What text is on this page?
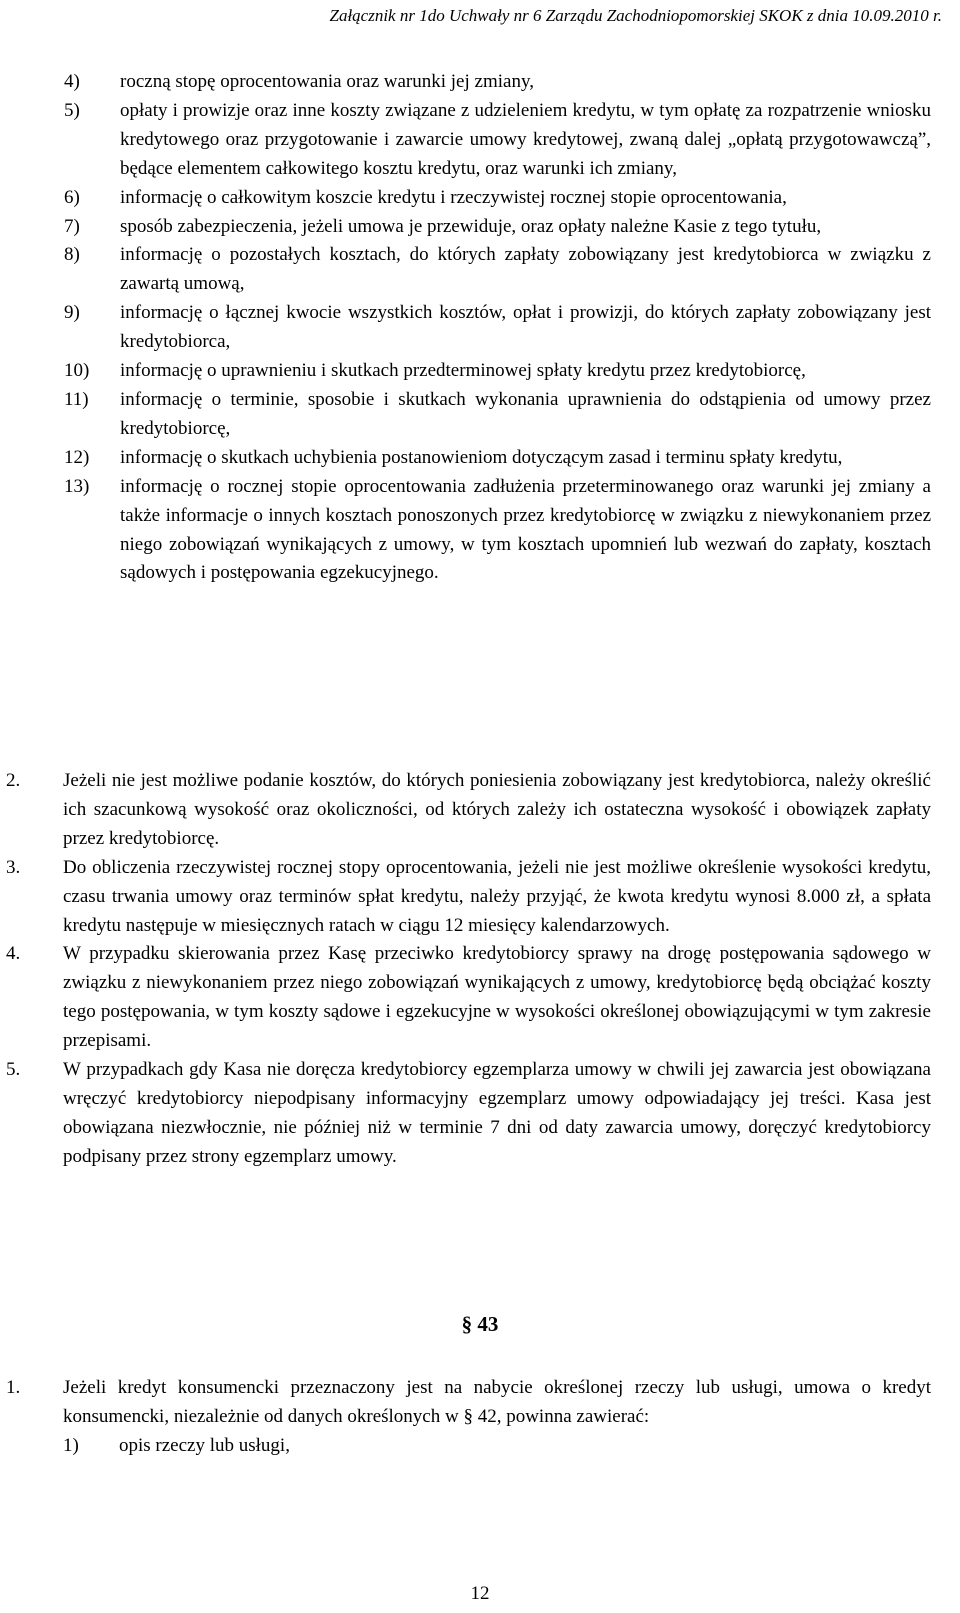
Załącznik nr 1do Uchwały nr 6 Zarządu Zachodniopomorskiej SKOK z dnia 10.09.2010 r.
4) roczną stopę oprocentowania oraz warunki jej zmiany,
5) opłaty i prowizje oraz inne koszty związane z udzieleniem kredytu, w tym opłatę za rozpatrzenie wniosku kredytowego oraz przygotowanie i zawarcie umowy kredytowej, zwaną dalej „opłatą przygotowawczą”, będące elementem całkowitego kosztu kredytu, oraz warunki ich zmiany,
6) informację o całkowitym koszcie kredytu i rzeczywistej rocznej stopie oprocentowania,
7) sposób zabezpieczenia, jeżeli umowa je przewiduje, oraz opłaty należne Kasie z tego tytułu,
8) informację o pozostałych kosztach, do których zapłaty zobowiązany jest kredytobiorca w związku z zawartą umową,
9) informację o łącznej kwocie wszystkich kosztów, opłat i prowizji, do których zapłaty zobowiązany jest kredytobiorca,
10) informację o uprawnieniu i skutkach przedterminowej spłaty kredytu przez kredytobiorcę,
11) informację o terminie, sposobie i skutkach wykonania uprawnienia do odstąpienia od umowy przez kredytobiorcę,
12) informację o skutkach uchybienia postanowieniom dotyczącym zasad i terminu spłaty kredytu,
13) informację o rocznej stopie oprocentowania zadłużenia przeterminowanego oraz warunki jej zmiany a także informacje o innych kosztach ponoszonych przez kredytobiorcę w związku z niewykonaniem przez niego zobowiązań wynikających z umowy, w tym kosztach upomnień lub wezwań do zapłaty, kosztach sądowych i postępowania egzekucyjnego.
2. Jeżeli nie jest możliwe podanie kosztów, do których poniesienia zobowiązany jest kredytobiorca, należy określić ich szacunkową wysokość oraz okoliczności, od których zależy ich ostateczna wysokość i obowiązek zapłaty przez kredytobiorcę.
3. Do obliczenia rzeczywistej rocznej stopy oprocentowania, jeżeli nie jest możliwe określenie wysokości kredytu, czasu trwania umowy oraz terminów spłat kredytu, należy przyjąć, że kwota kredytu wynosi 8.000 zł, a spłata kredytu następuje w miesięcznych ratach w ciągu 12 miesięcy kalendarzowych.
4. W przypadku skierowania przez Kasę przeciwko kredytobiorcy sprawy na drogę postępowania sądowego w związku z niewykonaniem przez niego zobowiązań wynikających z umowy, kredytobiorcę będą obciążać koszty tego postępowania, w tym koszty sądowe i egzekucyjne w wysokości określonej obowiązującymi w tym zakresie przepisami.
5. W przypadkach gdy Kasa nie doręcza kredytobiorcy egzemplarza umowy w chwili jej zawarcia jest obowiązana wręczyć kredytobiorcy niepodpisany informacyjny egzemplarz umowy odpowiadający jej treści. Kasa jest obowiązana niezwłocznie, nie później niż w terminie 7 dni od daty zawarcia umowy, doręczyć kredytobiorcy podpisany przez strony egzemplarz umowy.
§ 43
1. Jeżeli kredyt konsumencki przeznaczony jest na nabycie określonej rzeczy lub usługi, umowa o kredyt konsumencki, niezależnie od danych określonych w § 42, powinna zawierać:
1) opis rzeczy lub usługi,
12
